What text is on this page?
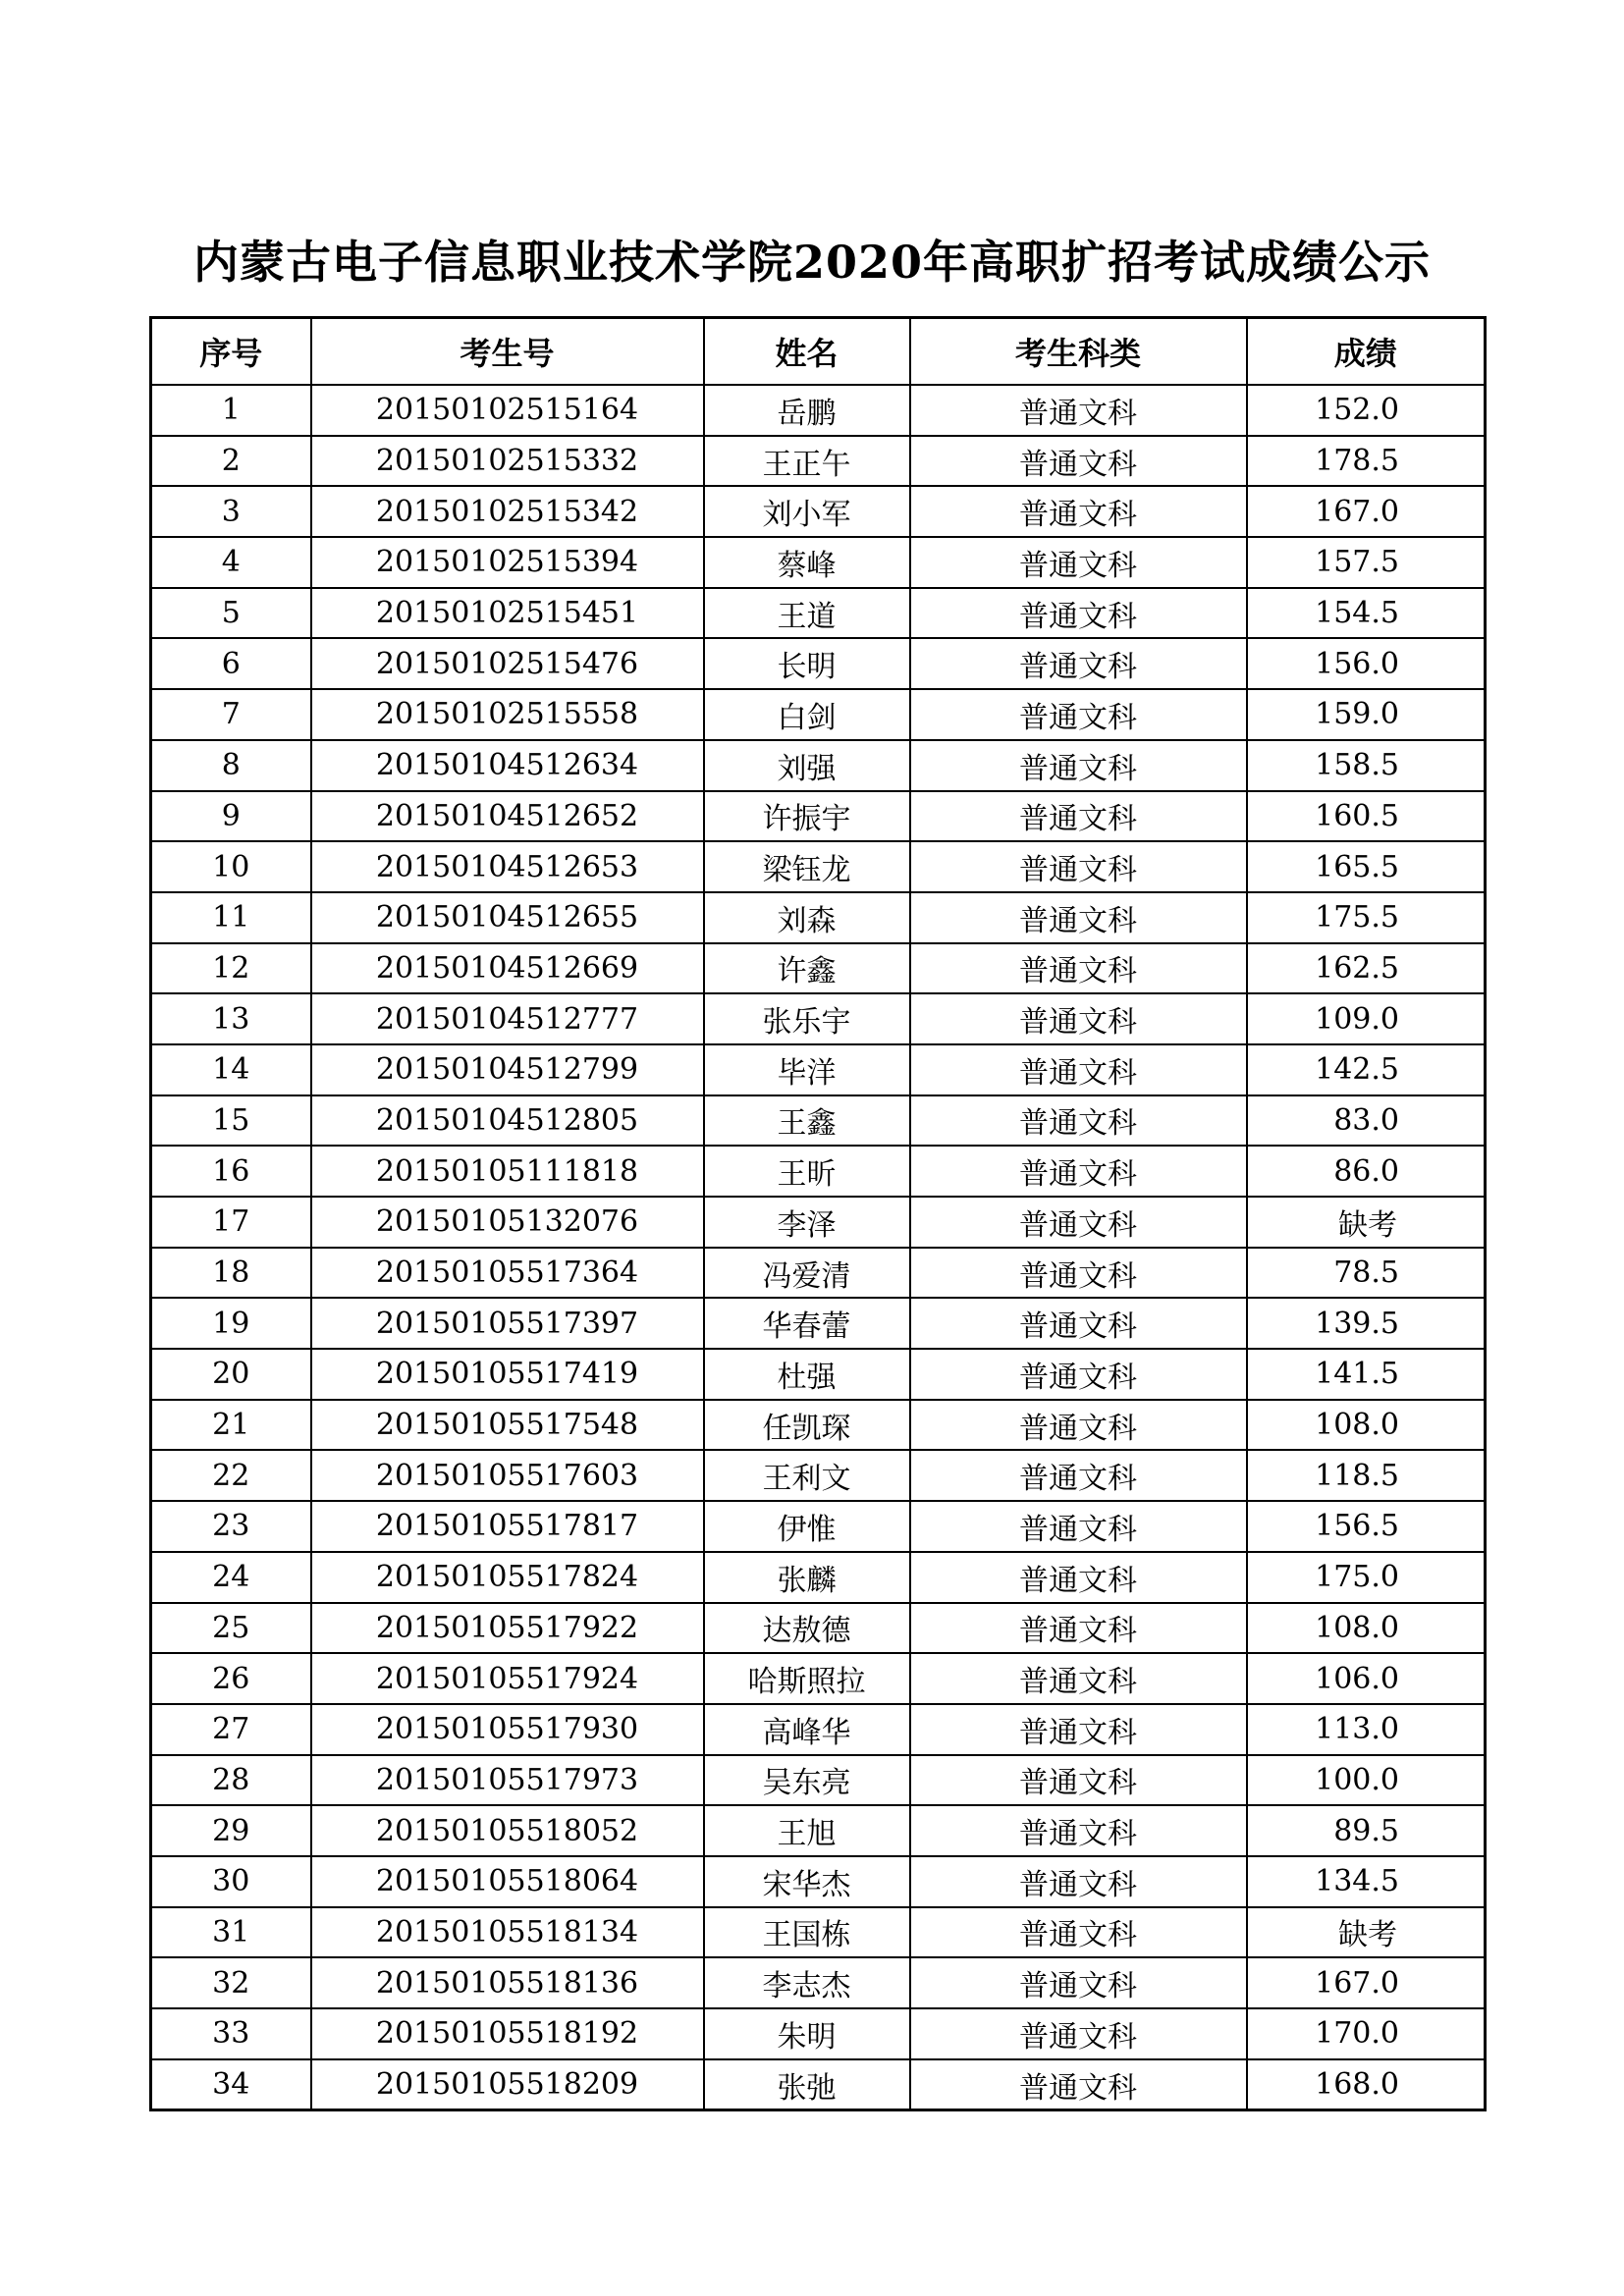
内蒙古电子信息职业技术学院2020年高职扩招考试成绩公示
序号	考生号	姓名	考生科类	成绩
1	20150102515164	岳鹏	普通文科	152.0
2	20150102515332	王正午	普通文科	178.5
3	20150102515342	刘小军	普通文科	167.0
4	20150102515394	蔡峰	普通文科	157.5
5	20150102515451	王道	普通文科	154.5
6	20150102515476	长明	普通文科	156.0
7	20150102515558	白剑	普通文科	159.0
8	20150104512634	刘强	普通文科	158.5
9	20150104512652	许振宇	普通文科	160.5
10	20150104512653	梁钰龙	普通文科	165.5
11	20150104512655	刘森	普通文科	175.5
12	20150104512669	许鑫	普通文科	162.5
13	20150104512777	张乐宇	普通文科	109.0
14	20150104512799	毕洋	普通文科	142.5
15	20150104512805	王鑫	普通文科	83.0
16	20150105111818	王昕	普通文科	86.0
17	20150105132076	李泽	普通文科	缺考
18	20150105517364	冯爱清	普通文科	78.5
19	20150105517397	华春蕾	普通文科	139.5
20	20150105517419	杜强	普通文科	141.5
21	20150105517548	任凯琛	普通文科	108.0
22	20150105517603	王利文	普通文科	118.5
23	20150105517817	伊惟	普通文科	156.5
24	20150105517824	张麟	普通文科	175.0
25	20150105517922	达敖德	普通文科	108.0
26	20150105517924	哈斯照拉	普通文科	106.0
27	20150105517930	高峰华	普通文科	113.0
28	20150105517973	吴东亮	普通文科	100.0
29	20150105518052	王旭	普通文科	89.5
30	20150105518064	宋华杰	普通文科	134.5
31	20150105518134	王国栋	普通文科	缺考
32	20150105518136	李志杰	普通文科	167.0
33	20150105518192	朱明	普通文科	170.0
34	20150105518209	张弛	普通文科	168.0
